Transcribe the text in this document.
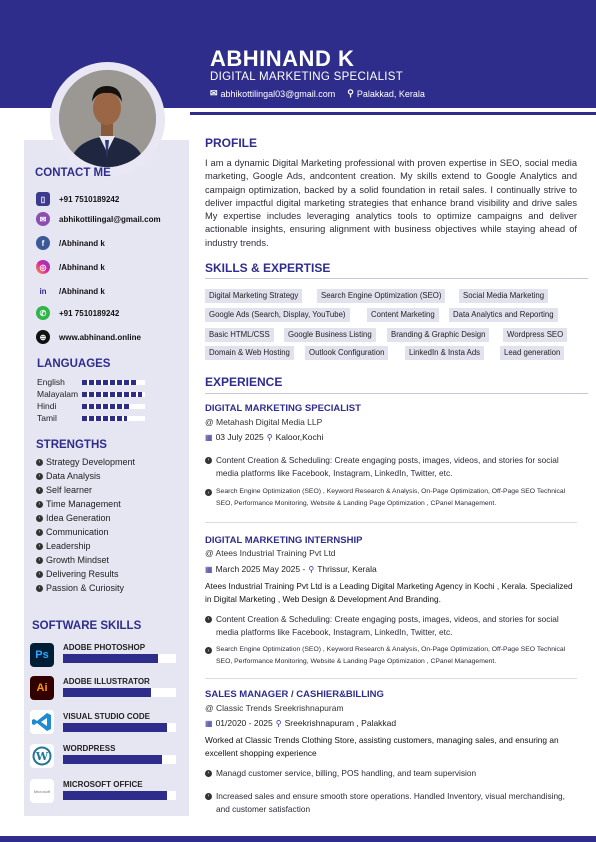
ABHINAND K
DIGITAL MARKETING SPECIALIST
✉ abhikottilingal03@gmail.com ⚲ Palakkad, Kerala
CONTACT ME
▯	+91 7510189242
✉	abhikottilingal@gmail.com
f	/Abhinand k
◎	/Abhinand k
in	/Abhinand k
✆	+91 7510189242
⊕	www.abhinand.online
LANGUAGES
English
Malayalam
Hindi
Tamil
STRENGTHS
› Strategy Development
› Data Analysis
› Self learner
› Time Management
› Idea Generation
› Communication
› Leadership
› Growth Mindset
› Delivering Results
› Passion & Curiosity
SOFTWARE SKILLS
Ps
ADOBE PHOTOSHOP
Ai
ADOBE ILLUSTRATOR
VISUAL STUDIO CODE
W
WORDPRESS
Microsoft
MICROSOFT OFFICE
PROFILE
I am a dynamic Digital Marketing professional with proven expertise in SEO, social media marketing, Google Ads, andcontent creation. My skills extend to Google Analytics and campaign optimization, backed by a solid foundation in retail sales. I continually strive to deliver impactful digital marketing strategies that enhance brand visibility and drive sales My expertise includes leveraging analytics tools to optimize campaigns and deliver actionable insights, ensuring alignment with business objectives while staying ahead of industry trends.
SKILLS & EXPERTISE
Digital Marketing Strategy	Search Engine Optimization (SEO)	Social Media Marketing
Google Ads (Search, Display, YouTube)	Content Marketing	Data Analytics and Reporting
Basic HTML/CSS	Google Business Listing	Branding & Graphic Design	Wordpress SEO
Domain & Web Hosting	Outlook Configuration	LinkedIn & Insta Ads	Lead generation
EXPERIENCE
DIGITAL MARKETING SPECIALIST
@ Metahash Digital Media LLP
▦ 03 July 2025 ⚲ Kaloor,Kochi
› Content Creation & Scheduling: Create engaging posts, images, videos, and stories for social media platforms like Facebook, Instagram, LinkedIn, Twitter, etc.
› Search Engine Optimization (SEO) , Keyword Research & Analysis, On-Page Optimization, Off-Page SEO Technical SEO, Performance Monitoring, Website & Landing Page Optimization , CPanel Management.
DIGITAL MARKETING INTERNSHIP
@ Atees Industrial Training Pvt Ltd
▦ March 2025 May 2025 - ⚲ Thrissur, Kerala
Atees Industrial Training Pvt Ltd is a Leading Digital Marketing Agency in Kochi , Kerala. Specialized in Digital Marketing , Web Design & Development And Branding.
› Content Creation & Scheduling: Create engaging posts, images, videos, and stories for social media platforms like Facebook, Instagram, LinkedIn, Twitter, etc.
› Search Engine Optimization (SEO) , Keyword Research & Analysis, On-Page Optimization, Off-Page SEO Technical SEO, Performance Monitoring, Website & Landing Page Optimization , CPanel Management.
SALES MANAGER / CASHIER&BILLING
@ Classic Trends Sreekrishnapuram
▦ 01/2020 - 2025 ⚲ Sreekrishnapuram , Palakkad
Worked at Classic Trends Clothing Store, assisting customers, managing sales, and ensuring an excellent shopping experience
› Managd customer service, billing, POS handling, and team supervision
› Increased sales and ensure smooth store operations. Handled Inventory, visual merchandising, and customer satisfaction
